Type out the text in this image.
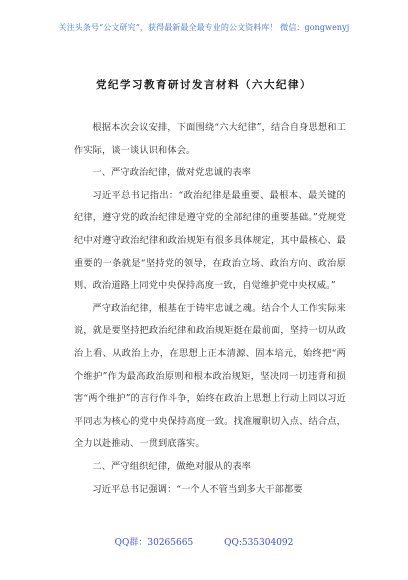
关注头条号“公文研究”，获得最新最全最专业的公文资料库！ 微信：gongwenyj
党纪学习教育研讨发言材料（六大纪律）

根据本次会议安排，下面围绕“六大纪律”，结合自身思想和工作实际，谈一谈认识和体会。

一、严守政治纪律，做对党忠诚的表率

习近平总书记指出：“政治纪律是最重要、最根本、最关键的纪律，遵守党的政治纪律是遵守党的全部纪律的重要基础。”党规党纪中对遵守政治纪律和政治规矩有很多具体规定，其中最核心、最重要的一条就是“坚持党的领导，在政治立场、政治方向、政治原则、政治道路上同党中央保持高度一致，自觉维护党中央权威。”

严守政治纪律，根基在于铸牢忠诚之魂。结合个人工作实际来说，就是要坚持把政治纪律和政治规矩挺在最前面，坚持一切从政治上看、从政治上办，在思想上正本清源、固本培元，始终把“两个维护”作为最高政治原则和根本政治规矩，坚决同一切违背和损害“两个维护”的言行作斗争，始终在政治上思想上行动上同以习近平同志为核心的党中央保持高度一致。找准履职切入点、结合点，全力以赴推动、一贯到底落实。

二、严守组织纪律，做绝对服从的表率

习近平总书记强调：“一个人不管当到多大干部都要

QQ群：30265665	QQ:535304092
